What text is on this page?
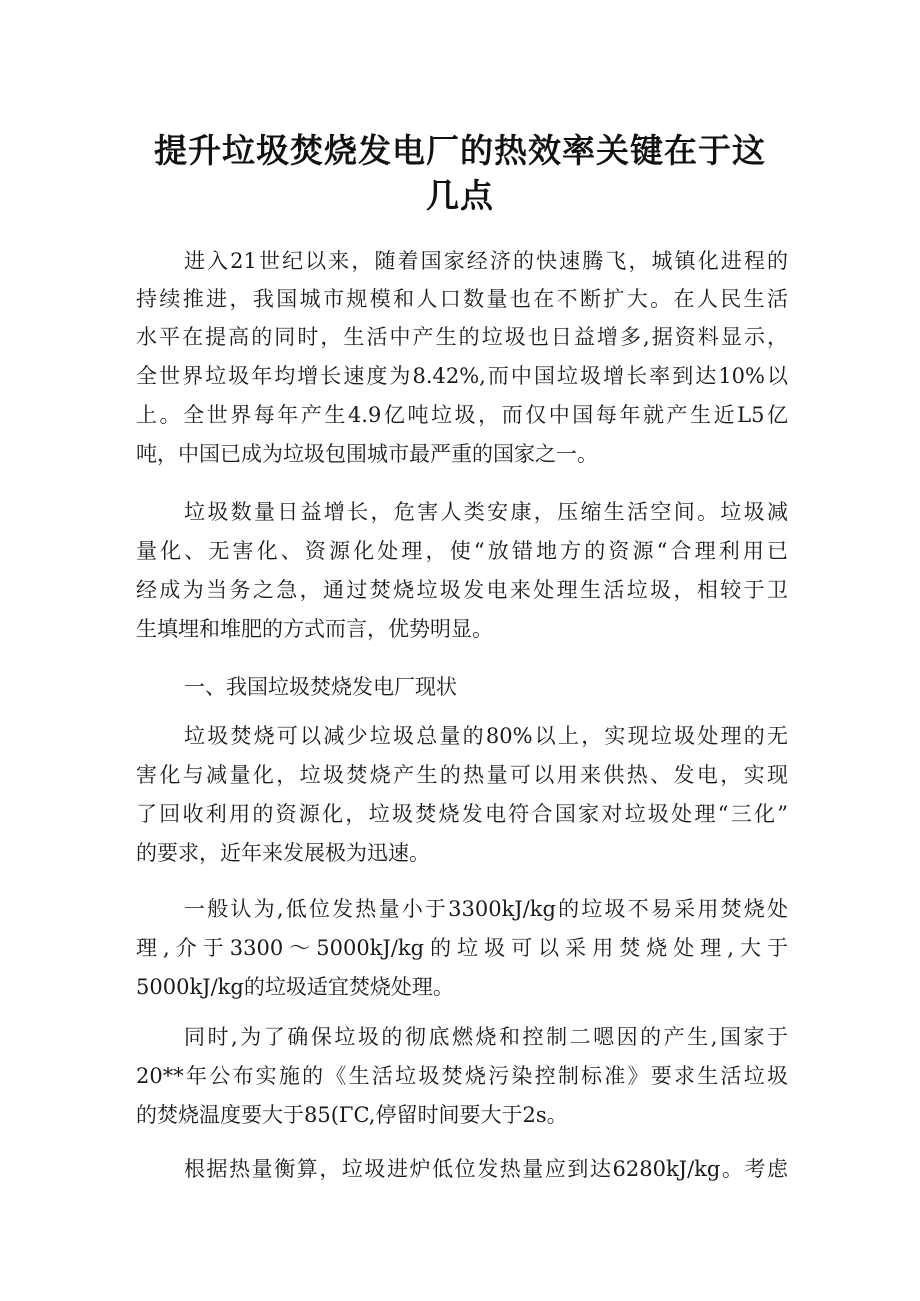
提升垃圾焚烧发电厂的热效率关键在于这
几点
进入21世纪以来，随着国家经济的快速腾飞，城镇化进程的
持续推进，我国城市规模和人口数量也在不断扩大。在人民生活
水平在提高的同时，生活中产生的垃圾也日益增多,据资料显示，
全世界垃圾年均增长速度为8.42%,而中国垃圾增长率到达10%以
上。全世界每年产生4.9亿吨垃圾，而仅中国每年就产生近L5亿
吨，中国已成为垃圾包围城市最严重的国家之一。
垃圾数量日益增长，危害人类安康，压缩生活空间。垃圾减
量化、无害化、资源化处理，使“放错地方的资源“合理利用已
经成为当务之急，通过焚烧垃圾发电来处理生活垃圾，相较于卫
生填埋和堆肥的方式而言，优势明显。
一、我国垃圾焚烧发电厂现状
垃圾焚烧可以减少垃圾总量的80%以上，实现垃圾处理的无
害化与减量化，垃圾焚烧产生的热量可以用来供热、发电，实现
了回收利用的资源化，垃圾焚烧发电符合国家对垃圾处理“三化”
的要求，近年来发展极为迅速。
一般认为,低位发热量小于3300kJ∕kg的垃圾不易采用焚烧处
理,介于3300～5000kJ∕kg的垃圾可以采用焚烧处理,大于
5000kJ∕kg的垃圾适宜焚烧处理。
同时,为了确保垃圾的彻底燃烧和控制二嗯因的产生,国家于
20**年公布实施的《生活垃圾焚烧污染控制标准》要求生活垃圾
的焚烧温度要大于85(ΓC,停留时间要大于2s。
根据热量衡算，垃圾进炉低位发热量应到达6280kJ∕kg。考虑
